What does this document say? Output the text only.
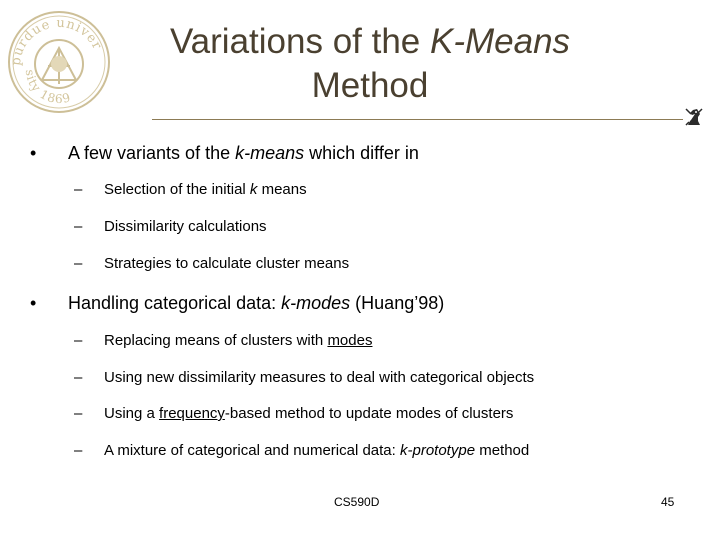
purdue univer
sity 1869
Variations of the K-Means
Method
• A few variants of the k-means which differ in
– Selection of the initial k means
– Dissimilarity calculations
– Strategies to calculate cluster means
• Handling categorical data: k-modes (Huang’98)
– Replacing means of clusters with modes
– Using new dissimilarity measures to deal with categorical objects
– Using a frequency-based method to update modes of clusters
– A mixture of categorical and numerical data: k-prototype method
CS590D	45
